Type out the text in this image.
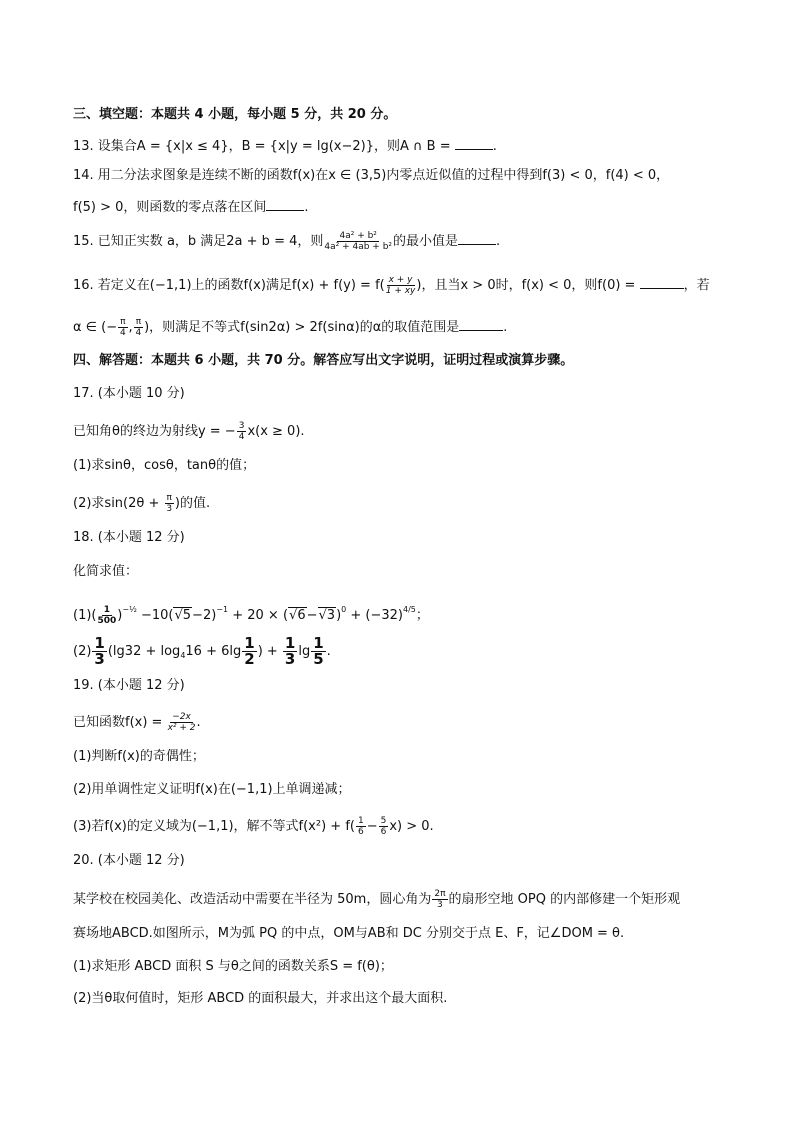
三、填空题：本题共 4 小题，每小题 5 分，共 20 分。
13. 设集合A = {x|x ≤ 4}，B = {x|y = lg(x−2)}，则A ∩ B =	.
14. 用二分法求图象是连续不断的函数f(x)在x ∈ (3,5)内零点近似值的过程中得到f(3) < 0，f(4) < 0，
f(5) > 0，则函数的零点落在区间	.
15. 已知正实数 a，b 满足2a + b = 4，则 $\frac{\text{4a² + b²}}{\text{4a² + 4ab + b²}}$ 的最小值是	.
16. 若定义在(−1,1)上的函数f(x)满足$f(x) + f(y) = f( \frac{x + y}{1 + xy}$ )，且当x > 0时，f(x) < 0，则f(0) =	，若
α ∈ (− $\frac{\pi}{4}$ , $\frac{\pi}{4}$ )，则满足不等式f(sin2α) > 2f(sinα)的α的取值范围是	.
四、解答题：本题共 6 小题，共 70 分。解答应写出文字说明，证明过程或演算步骤。
17. (本小题 10 分)
已知角θ的终边为射线y = − $\frac{3}{4} x(x \ge 0)$.
(1)求sinθ，cosθ，tanθ的值；
(2)求$\sin(2\theta + \frac{\pi}{3}$ )的值.
18. (本小题 12 分)
化简求值：
$(1)( \frac{1}{500} )^{-\frac{1}{2}} -10(√5-2)^{-1} + 20 \times (√6-√3)^0 + (-32)^{4/5}$；
$(2) \frac{1}{3} (\lg 32 + \log_416 + 6\lg \frac{1}{2}$ ) + $\frac{1}{3}$ $\lg \frac{1}{5}$ .
19. (本小题 12 分)
已知函数$f(x) = \frac{-2x}{\text{x² + 2}}$ .
(1)判断f(x)的奇偶性；
(2)用单调性定义证明f(x)在(−1,1)上单调递减；
(3)若f(x)的定义域为(−1,1)，解不等式$f(x^2) + f( \frac{1}{6} - \frac{5}{6} x) > 0$.
20. (本小题 12 分)
某学校在校园美化、改造活动中需要在半径为 50m，圆心角为 $\frac{2\pi}{3}$ 的扇形空地 OPQ 的内部修建一个矩形观
赛场地ABCD.如图所示，M为弧 PQ 的中点，OM与AB和 DC 分别交于点 E、F，记∠DOM = θ.
(1)求矩形 ABCD 面积 S 与θ之间的函数关系S = f(θ)；
(2)当θ取何值时，矩形 ABCD 的面积最大，并求出这个最大面积.
